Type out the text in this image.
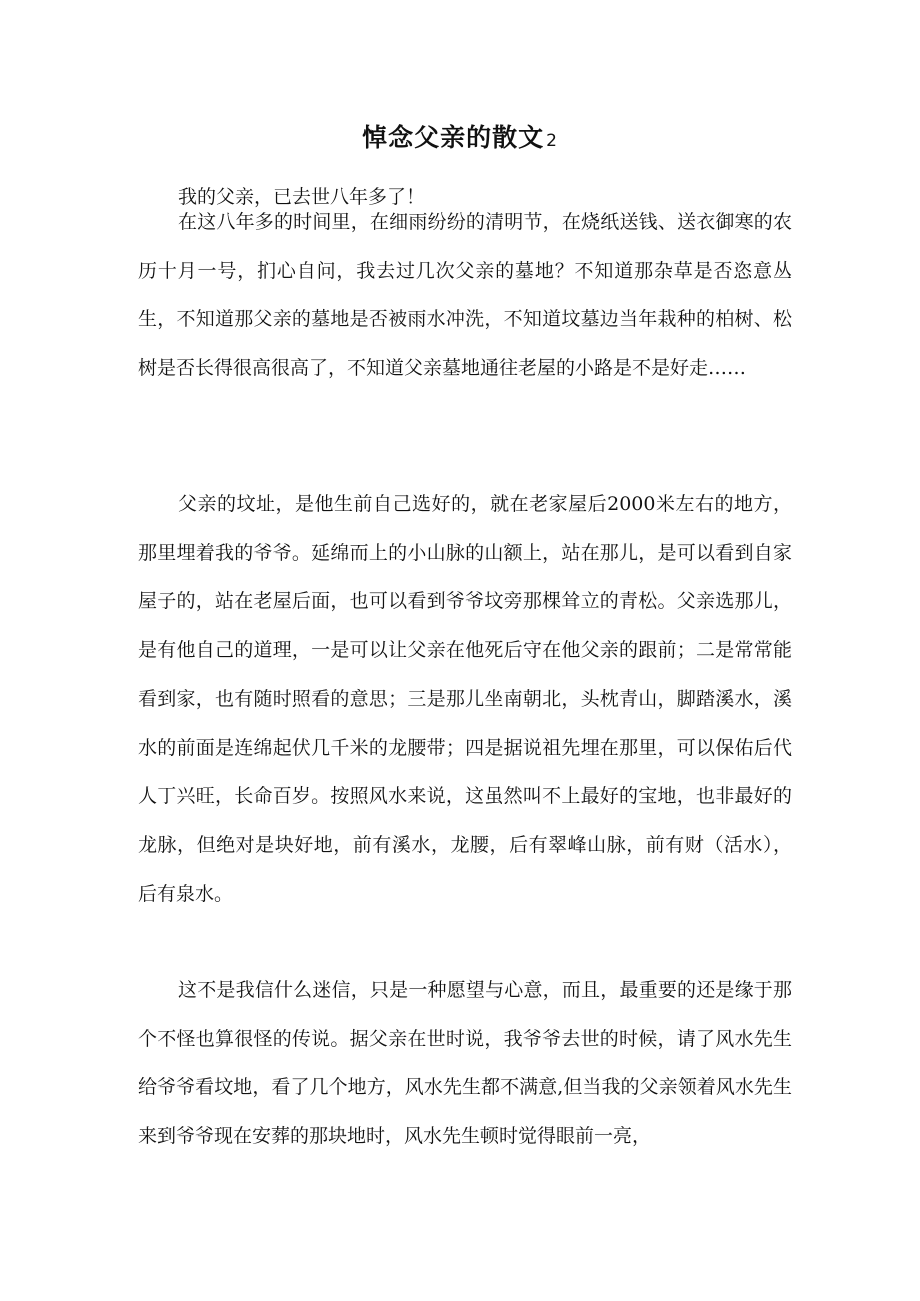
悼念父亲的散文 2

我的父亲，已去世八年多了！

在这八年多的时间里，在细雨纷纷的清明节，在烧纸送钱、送衣御寒的农历十月一号，扪心自问，我去过几次父亲的墓地？不知道那杂草是否恣意丛生，不知道那父亲的墓地是否被雨水冲洗，不知道坟墓边当年栽种的柏树、松树是否长得很高很高了，不知道父亲墓地通往老屋的小路是不是好走……

父亲的坟址，是他生前自己选好的，就在老家屋后2000米左右的地方，那里埋着我的爷爷。延绵而上的小山脉的山额上，站在那儿，是可以看到自家屋子的，站在老屋后面，也可以看到爷爷坟旁那棵耸立的青松。父亲选那儿，是有他自己的道理，一是可以让父亲在他死后守在他父亲的跟前；二是常常能看到家，也有随时照看的意思；三是那儿坐南朝北，头枕青山，脚踏溪水，溪水的前面是连绵起伏几千米的龙腰带；四是据说祖先埋在那里，可以保佑后代人丁兴旺，长命百岁。按照风水来说，这虽然叫不上最好的宝地，也非最好的龙脉，但绝对是块好地，前有溪水，龙腰，后有翠峰山脉，前有财（活水），后有泉水。

这不是我信什么迷信，只是一种愿望与心意，而且，最重要的还是缘于那个不怪也算很怪的传说。据父亲在世时说，我爷爷去世的时候，请了风水先生给爷爷看坟地，看了几个地方，风水先生都不满意,但当我的父亲领着风水先生来到爷爷现在安葬的那块地时，风水先生顿时觉得眼前一亮，
